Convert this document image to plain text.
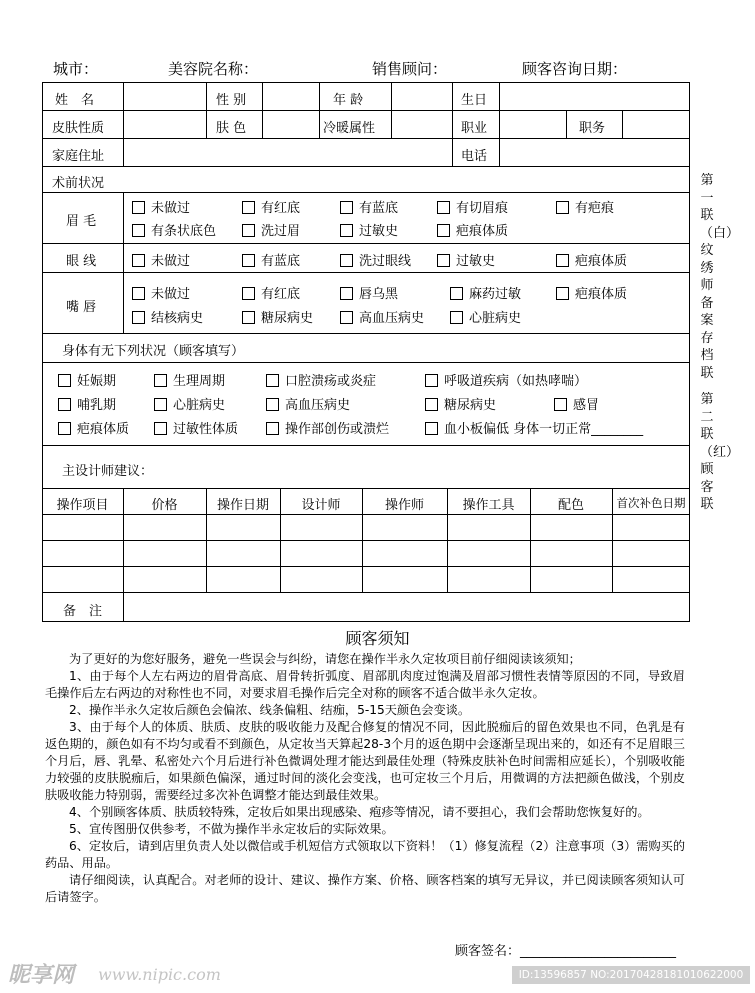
城市：	美容院名称：	销售顾问：	顾客咨询日期：
姓　名	性 别	年 龄	生日
皮肤性质	肤 色	冷暖属性	职业	职务
家庭住址	电话
术前状况
眉 毛
未做过	有红底	有蓝底	有切眉痕	有疤痕
有条状底色	洗过眉	过敏史	疤痕体质
眼 线	未做过	有蓝底	洗过眼线	过敏史	疤痕体质
嘴 唇
未做过	有红底	唇乌黑	麻药过敏	疤痕体质
结核病史	糖尿病史	高血压病史	心脏病史
身体有无下列状况（顾客填写）
妊娠期	生理周期	口腔溃疡或炎症	呼吸道疾病（如热哮喘）
哺乳期	心脏病史	高血压病史	糖尿病史	感冒
疤痕体质	过敏性体质	操作部创伤或溃烂	血小板偏低 身体一切正常________
主设计师建议：
操作项目	价格	操作日期	设计师	操作师	操作工具	配色	首次补色日期
备　注
第一联（白）纹绣师备案存档联
第二联（红）顾客联
顾客须知

为了更好的为您好服务，避免一些误会与纠纷，请您在操作半永久定妆项目前仔细阅读该须知；

1、由于每个人左右两边的眉骨高底、眉骨转折弧度、眉部肌肉度过饱满及眉部习惯性表情等原因的不同，导致眉毛操作后左右两边的对称性也不同，对要求眉毛操作后完全对称的顾客不适合做半永久定妆。

2、操作半永久定妆后颜色会偏浓、线条偏粗、结痂，5-15天颜色会变谈。

3、由于每个人的体质、肤质、皮肤的吸收能力及配合修复的情况不同，因此脱痂后的留色效果也不同，色乳是有返色期的，颜色如有不均匀或看不到颜色，从定妆当天算起28-3个月的返色期中会逐渐呈现出来的，如还有不足眉眼三个月后，唇、乳晕、私密处六个月后进行补色微调处理才能达到最佳处理（特殊皮肤补色时间需相应延长），个别吸收能力较强的皮肤脱痂后，如果颜色偏深，通过时间的淡化会变浅，也可定妆三个月后，用微调的方法把颜色做浅，个别皮肤吸收能力特别弱，需要经过多次补色调整才能达到最佳效果。

4、个别顾客体质、肤质较特殊，定妆后如果出现感染、疱疹等情况，请不要担心，我们会帮助您恢复好的。

5、宣传图册仅供参考，不做为操作半永定妆后的实际效果。

6、定妆后，请到店里负责人处以微信或手机短信方式领取以下资料！（1）修复流程（2）注意事项（3）需购买的药品、用品。

请仔细阅读，认真配合。对老师的设计、建议、操作方案、价格、顾客档案的填写无异议，并已阅读顾客须知认可后请签字。

顾客签名：________________________
昵享网 www.nipic.com	ID:13596857 NO:20170428181010622000
